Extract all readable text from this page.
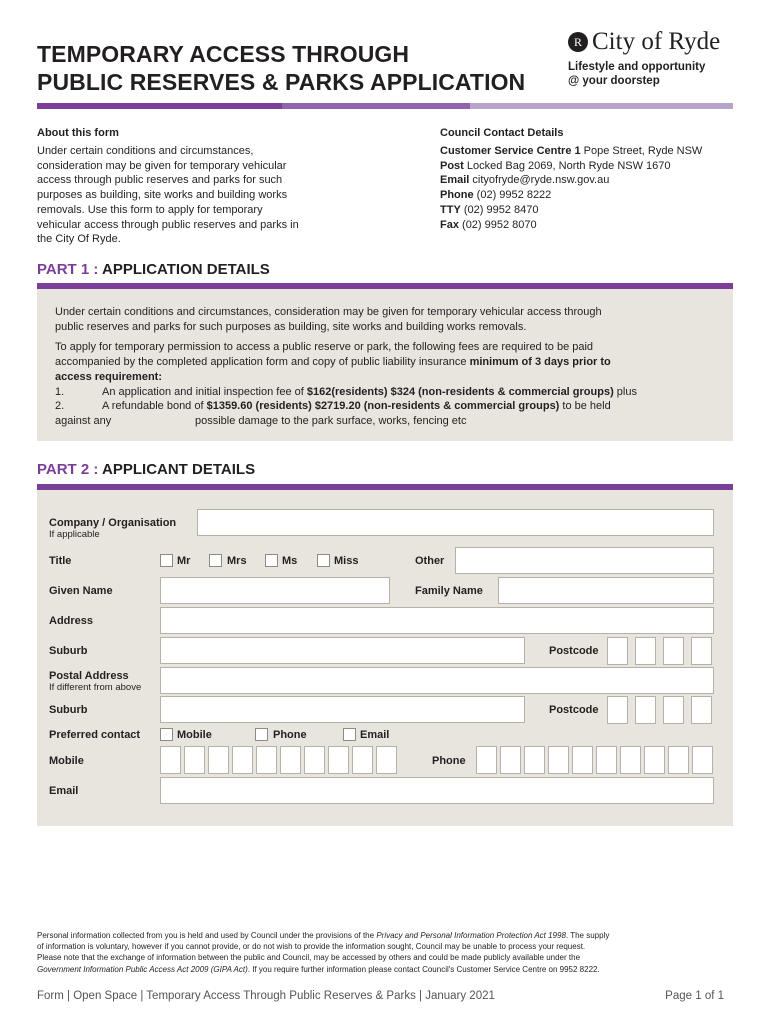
TEMPORARY ACCESS THROUGH
PUBLIC RESERVES & PARKS APPLICATION
R City of Ryde
Lifestyle and opportunity
@ your doorstep
About this form
Under certain conditions and circumstances,
consideration may be given for temporary vehicular
access through public reserves and parks for such
purposes as building, site works and building works
removals. Use this form to apply for temporary
vehicular access through public reserves and parks in
the City Of Ryde.
Council Contact Details
Customer Service Centre 1 Pope Street, Ryde NSW
Post Locked Bag 2069, North Ryde NSW 1670
Email cityofryde@ryde.nsw.gov.au
Phone (02) 9952 8222
TTY (02) 9952 8470
Fax (02) 9952 8070
PART 1 : APPLICATION DETAILS
Under certain conditions and circumstances, consideration may be given for temporary vehicular access through
public reserves and parks for such purposes as building, site works and building works removals.
To apply for temporary permission to access a public reserve or park, the following fees are required to be paid
accompanied by the completed application form and copy of public liability insurance minimum of 3 days prior to
access requirement:
1.	An application and initial inspection fee of $162(residents) $324 (non-residents & commercial groups) plus
2.	A refundable bond of $1359.60 (residents) $2719.20 (non-residents & commercial groups) to be held
against any	possible damage to the park surface, works, fencing etc
PART 2 : APPLICANT DETAILS
Company / Organisation
If applicable
Title	Mr	Mrs	Ms	Miss	Other
Given Name	Family Name
Address
Suburb	Postcode
Postal Address
If different from above
Suburb	Postcode
Preferred contact	Mobile	Phone	Email
Mobile	Phone
Email
Personal information collected from you is held and used by Council under the provisions of the Privacy and Personal Information Protection Act 1998. The supply
of information is voluntary, however if you cannot provide, or do not wish to provide the information sought, Council may be unable to process your request.
Please note that the exchange of information between the public and Council, may be accessed by others and could be made publicly available under the
Government Information Public Access Act 2009 (GIPA Act). If you require further information please contact Council's Customer Service Centre on 9952 8222.
Form | Open Space | Temporary Access Through Public Reserves & Parks | January 2021	Page 1 of 1
